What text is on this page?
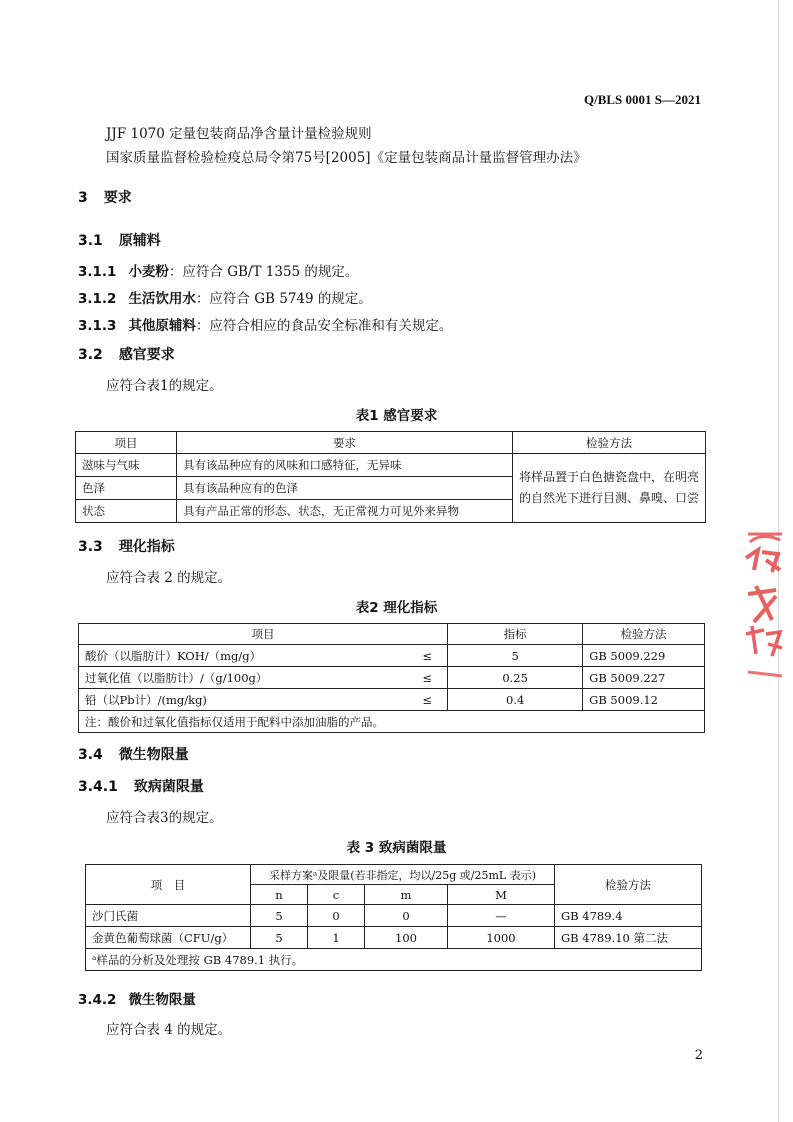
Q/BLS 0001 S—2021
JJF 1070 定量包装商品净含量计量检验规则
国家质量监督检验检疫总局令第75号[2005]《定量包装商品计量监督管理办法》
3 要求
3.1 原辅料
3.1.1 小麦粉：应符合 GB/T 1355 的规定。
3.1.2 生活饮用水：应符合 GB 5749 的规定。
3.1.3 其他原辅料：应符合相应的食品安全标准和有关规定。
3.2 感官要求
应符合表1的规定。
表1 感官要求
项目	要求	检验方法
滋味与气味	具有该品种应有的风味和口感特征，无异味	将样品置于白色搪瓷盘中，在明亮
的自然光下进行目测、鼻嗅、口尝

色泽	具有该品种应有的色泽	
状态	具有产品正常的形态、状态，无正常视力可见外来异物	
3.3 理化指标
应符合表 2 的规定。
表2 理化指标
项目		指标	检验方法
酸价（以脂肪计）KOH/（mg/g）	≤	5	GB 5009.229
过氧化值（以脂肪计）/（g/100g）	≤	0.25	GB 5009.227
铅（以Pb计）/(mg/kg)	≤	0.4	GB 5009.12
注：酸价和过氧化值指标仅适用于配料中添加油脂的产品。			
3.4 微生物限量
3.4.1 致病菌限量
应符合表3的规定。
表 3 致病菌限量
项　目	采样方案ᵃ及限量(若非指定，均以/25g 或/25mL 表示)				检验方法
	n	c	m	M	
沙门氏菌	5	0	0	—	GB 4789.4
金黄色葡萄球菌（CFU/g）	5	1	100	1000	GB 4789.10 第二法
ᵃ样品的分析及处理按 GB 4789.1 执行。					
3.4.2 微生物限量
应符合表 4 的规定。
2
